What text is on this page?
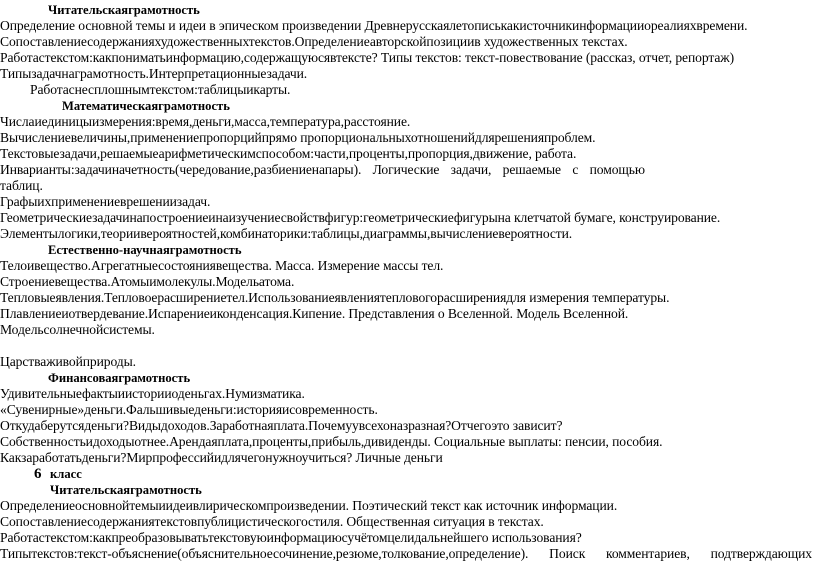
Читательскаяграмотность
Определение основной темы и идеи в эпическом произведении Древнерусскаялетописькакисточникинформацииореалияхвремени.
Сопоставлениесодержанияхудожественныхтекстов.Определениеавторскойпозициив художественных текстах.
Работастекстом:какпониматьинформацию,содержащуюсявтексте? Типы текстов: текст-повествование (рассказ, отчет, репортаж)
Типызадачнаграмотность.Интерпретационныезадачи.
Работаснесплошнымтекстом:таблицыикарты.
Математическаяграмотность
Числаиединицыизмерения:время,деньги,масса,температура,расстояние.
Вычислениевеличины,применениепропорцийпрямо пропорциональныхотношенийдлярешенияпроблем.
Текстовыезадачи,решаемыеарифметическимспособом:части,проценты,пропорция,движение, работа.
Инварианты:задачиначетность(чередование,разбиениенапары). Логические задачи, решаемые с помощью
таблиц.
Графыихприменениеврешениизадач.
Геометрическиезадачинапостроениеинаизучениесвойствфигур:геометрическиефигурына клетчатой бумаге, конструирование.
Элементылогики,теориивероятностей,комбинаторики:таблицы,диаграммы,вычислениевероятности.
Естественно-научнаяграмотность
Телоивещество.Агрегатныесостояниявещества. Масса. Измерение массы тел.
Строениевещества.Атомыимолекулы.Модельатома.
Тепловыеявления.Тепловоерасширениетел.Использованиеявлениятепловогорасширениядля измерения температуры.
Плавлениеиотвердевание.Испарениеиконденсация.Кипение. Представления о Вселенной. Модель Вселенной.
Модельсолнечнойсистемы.
Царстваживойприроды.
Финансоваяграмотность
Удивительныефактыиисторииоденьгах.Нумизматика.
«Сувенирные»деньги.Фальшивыеденьги:историяисовременность.
Откудаберутсяденьги?Видыдоходов.Заработнаяплата.Почемуувсехоназразная?Отчегоэто зависит?
Собственностьидоходыотнее.Арендаяплата,проценты,прибыль,дивиденды. Социальные выплаты: пенсии, пособия.
Какзаработатьденьги?Мирпрофессийидлячегонужноучиться? Личные деньги
6 класс
Читательскаяграмотность
Определениеосновнойтемыиидеивлирическомпроизведении. Поэтический текст как источник информации.
Сопоставлениесодержаниятекстовпублицистическогостиля. Общественная ситуация в текстах.
Работастекстом:какпреобразовыватьтекстовуюинформациюсучётомцелидальнейшего использования?
Типытекстов:текст-объяснение(объяснительноесочинение,резюме,толкование,определение). Поиск комментариев, подтверждающих
